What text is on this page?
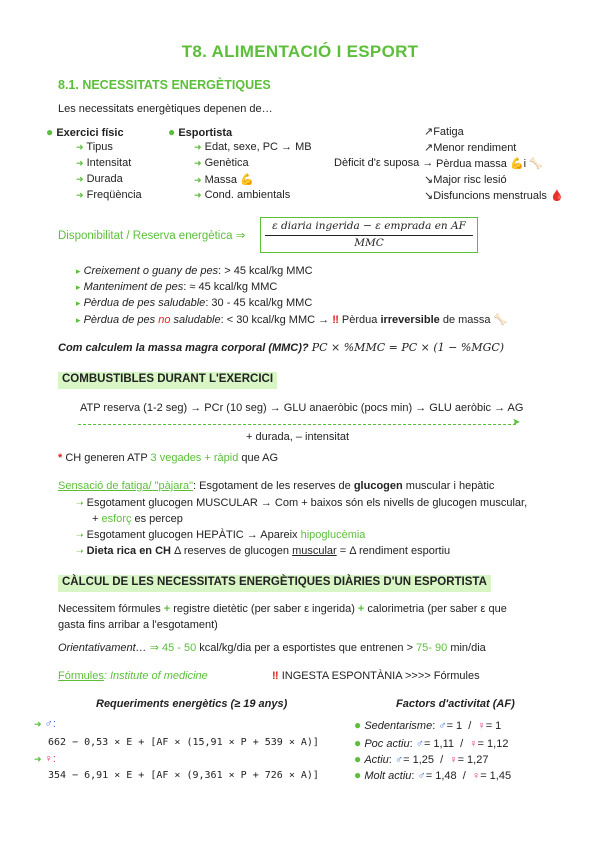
T8. ALIMENTACIÓ I ESPORT
8.1. NECESSITATS ENERGÈTIQUES
Les necessitats energètiques depenen de…
● Exercici físic
➜ Tipus
➜ Intensitat
➜ Durada
➜ Freqüència
● Esportista
➜ Edat, sexe, PC → MB
➜ Genètica
➜ Massa 💪
➜ Cond. ambientals
Dèficit d'ε suposa →
↗Fatiga
↗Menor rendiment
Pèrdua massa 💪i 🦴
↘Major risc lesió
↘Disfuncions menstruals 🩸
Disponibilitat / Reserva energètica ⇒
ε diaria ingerida − ε emprada en AF
MMC
▸ Creixement o guany de pes: > 45 kcal/kg MMC
▸ Manteniment de pes: ≈ 45 kcal/kg MMC
▸ Pèrdua de pes saludable: 30 - 45 kcal/kg MMC
▸ Pèrdua de pes no saludable: < 30 kcal/kg MMC → ‼ Pèrdua irreversible de massa 🦴
Com calculem la massa magra corporal (MMC)? PC × %MMC = PC × (1 − %MGC)
COMBUSTIBLES DURANT L'EXERCICI
ATP reserva (1-2 seg) → PCr (10 seg) → GLU anaeròbic (pocs min) → GLU aeròbic → AG
➤
+ durada, – intensitat
* CH generen ATP 3 vegades + ràpid que AG
Sensació de fatiga/ "pàjara": Esgotament de les reserves de glucogen muscular i hepàtic
➝ Esgotament glucogen MUSCULAR → Com + baixos són els nivells de glucogen muscular,
+ esforç es percep
➝ Esgotament glucogen HEPÀTIC → Apareix hipoglucèmia
➝ Dieta rica en CH Δ reserves de glucogen muscular = Δ rendiment esportiu
CÀLCUL DE LES NECESSITATS ENERGÈTIQUES DIÀRIES D'UN ESPORTISTA
Necessitem fórmules + registre dietètic (per saber ε ingerida) + calorimetria (per saber ε que
gasta fins arribar a l'esgotament)
Orientativament… ⇒ 45 - 50 kcal/kg/dia per a esportistes que entrenen > 75- 90 min/dia
Fórmules: Institute of medicine	‼ INGESTA ESPONTÀNIA >>>> Fórmules
Requeriments energètics (≥ 19 anys)
➜ ♂:
662 − 0,53 × E + [AF × (15,91 × P + 539 × A)]
➜ ♀:
354 − 6,91 × E + [AF × (9,361 × P + 726 × A)]
Factors d'activitat (AF)
● Sedentarisme: ♂= 1  /  ♀= 1
● Poc actiu: ♂= 1,11  /  ♀= 1,12
● Actiu: ♂= 1,25  /  ♀= 1,27
● Molt actiu: ♂= 1,48  /  ♀= 1,45
